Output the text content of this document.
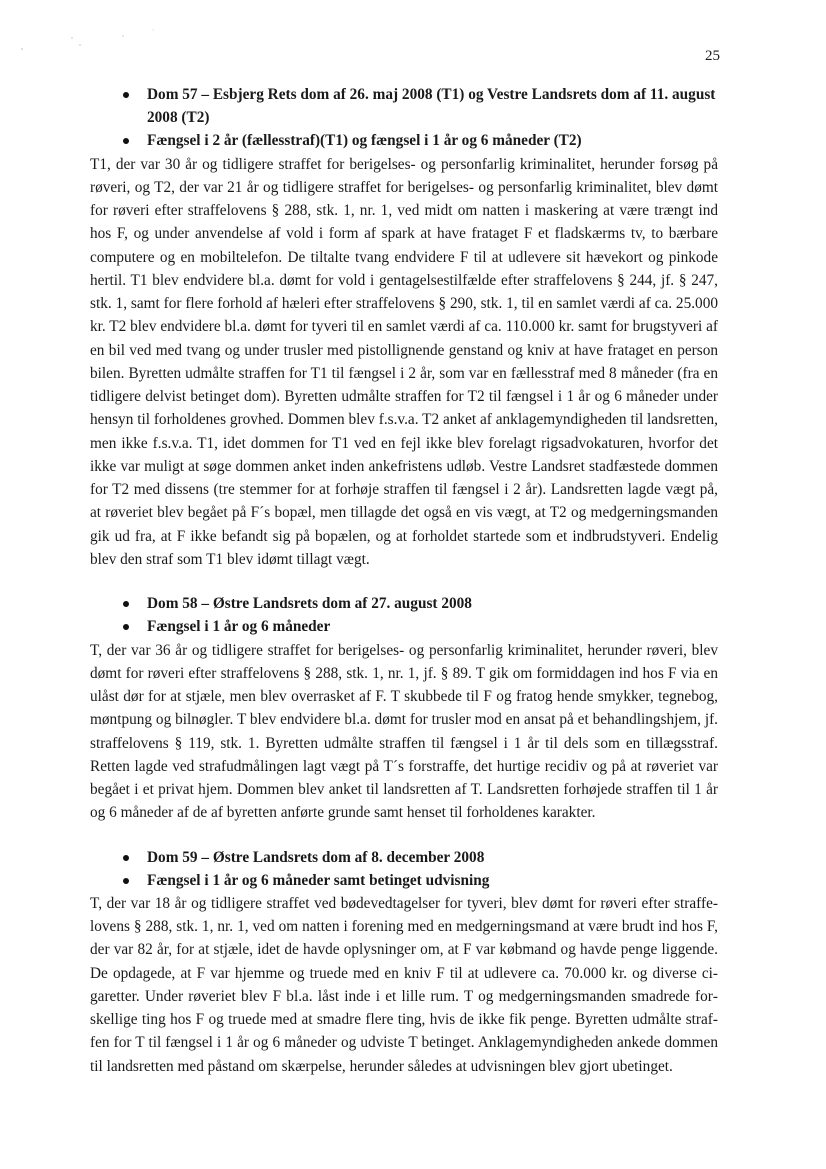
25
Dom 57 – Esbjerg Rets dom af 26. maj 2008 (T1) og Vestre Landsrets dom af 11. august 2008 (T2)
Fængsel i 2 år (fællesstraf)(T1) og fængsel i 1 år og 6 måneder (T2)

T1, der var 30 år og tidligere straffet for berigelses- og personfarlig kriminalitet, herunder forsøg på røveri, og T2, der var 21 år og tidligere straffet for berigelses- og personfarlig kriminalitet, blev dømt for røveri efter straffelovens § 288, stk. 1, nr. 1, ved midt om natten i maskering at være trængt ind hos F, og under anvendelse af vold i form af spark at have frataget F et fladskærms tv, to bærbare computere og en mobiltelefon. De tiltalte tvang endvidere F til at udlevere sit hævekort og pinkode hertil. T1 blev endvidere bl.a. dømt for vold i gentagelsestilfælde efter straffelovens § 244, jf. § 247, stk. 1, samt for flere forhold af hæleri efter straffelovens § 290, stk. 1, til en samlet værdi af ca. 25.000 kr. T2 blev endvidere bl.a. dømt for tyveri til en samlet værdi af ca. 110.000 kr. samt for brugstyveri af en bil ved med tvang og under trusler med pistollignende genstand og kniv at have frataget en person bilen. Byretten udmålte straffen for T1 til fængsel i 2 år, som var en fællesstraf med 8 måneder (fra en tidligere delvist betinget dom). Byretten udmålte straffen for T2 til fængsel i 1 år og 6 måneder under hensyn til forholdenes grovhed. Dommen blev f.s.v.a. T2 anket af anklagemyndigheden til landsretten, men ikke f.s.v.a. T1, idet dommen for T1 ved en fejl ikke blev forelagt rigsadvokaturen, hvorfor det ikke var muligt at søge dommen anket inden ankefristens udløb. Vestre Landsret stadfæstede dommen for T2 med dissens (tre stemmer for at forhøje straffen til fængsel i 2 år). Landsretten lagde vægt på, at røveriet blev begået på F´s bopæl, men tillagde det også en vis vægt, at T2 og medgerningsmanden gik ud fra, at F ikke befandt sig på bopælen, og at forholdet startede som et indbrudstyveri. Endelig blev den straf som T1 blev idømt tillagt vægt.

Dom 58 – Østre Landsrets dom af 27. august 2008
Fængsel i 1 år og 6 måneder

T, der var 36 år og tidligere straffet for berigelses- og personfarlig kriminalitet, herunder røveri, blev dømt for røveri efter straffelovens § 288, stk. 1, nr. 1, jf. § 89. T gik om formiddagen ind hos F via en ulåst dør for at stjæle, men blev overrasket af F. T skubbede til F og fratog hende smykker, tegnebog, møntpung og bilnøgler. T blev endvidere bl.a. dømt for trusler mod en ansat på et behandlingshjem, jf. straffelovens § 119, stk. 1. Byretten udmålte straffen til fængsel i 1 år til dels som en tillægsstraf. Retten lagde ved strafudmålingen lagt vægt på T´s forstraffe, det hurtige recidiv og på at røveriet var begået i et privat hjem. Dommen blev anket til landsretten af T. Landsretten forhøjede straffen til 1 år og 6 måneder af de af byretten anførte grunde samt henset til forholdenes karakter.

Dom 59 – Østre Landsrets dom af 8. december 2008
Fængsel i 1 år og 6 måneder samt betinget udvisning

T, der var 18 år og tidligere straffet ved bødevedtagelser for tyveri, blev dømt for røveri efter straffelovens § 288, stk. 1, nr. 1, ved om natten i forening med en medgerningsmand at være brudt ind hos F, der var 82 år, for at stjæle, idet de havde oplysninger om, at F var købmand og havde penge liggende. De opdagede, at F var hjemme og truede med en kniv F til at udlevere ca. 70.000 kr. og diverse cigaretter. Under røveriet blev F bl.a. låst inde i et lille rum. T og medgerningsmanden smadrede forskellige ting hos F og truede med at smadre flere ting, hvis de ikke fik penge. Byretten udmålte straffen for T til fængsel i 1 år og 6 måneder og udviste T betinget. Anklagemyndigheden ankede dommen til landsretten med påstand om skærpelse, herunder således at udvisningen blev gjort ubetinget.
